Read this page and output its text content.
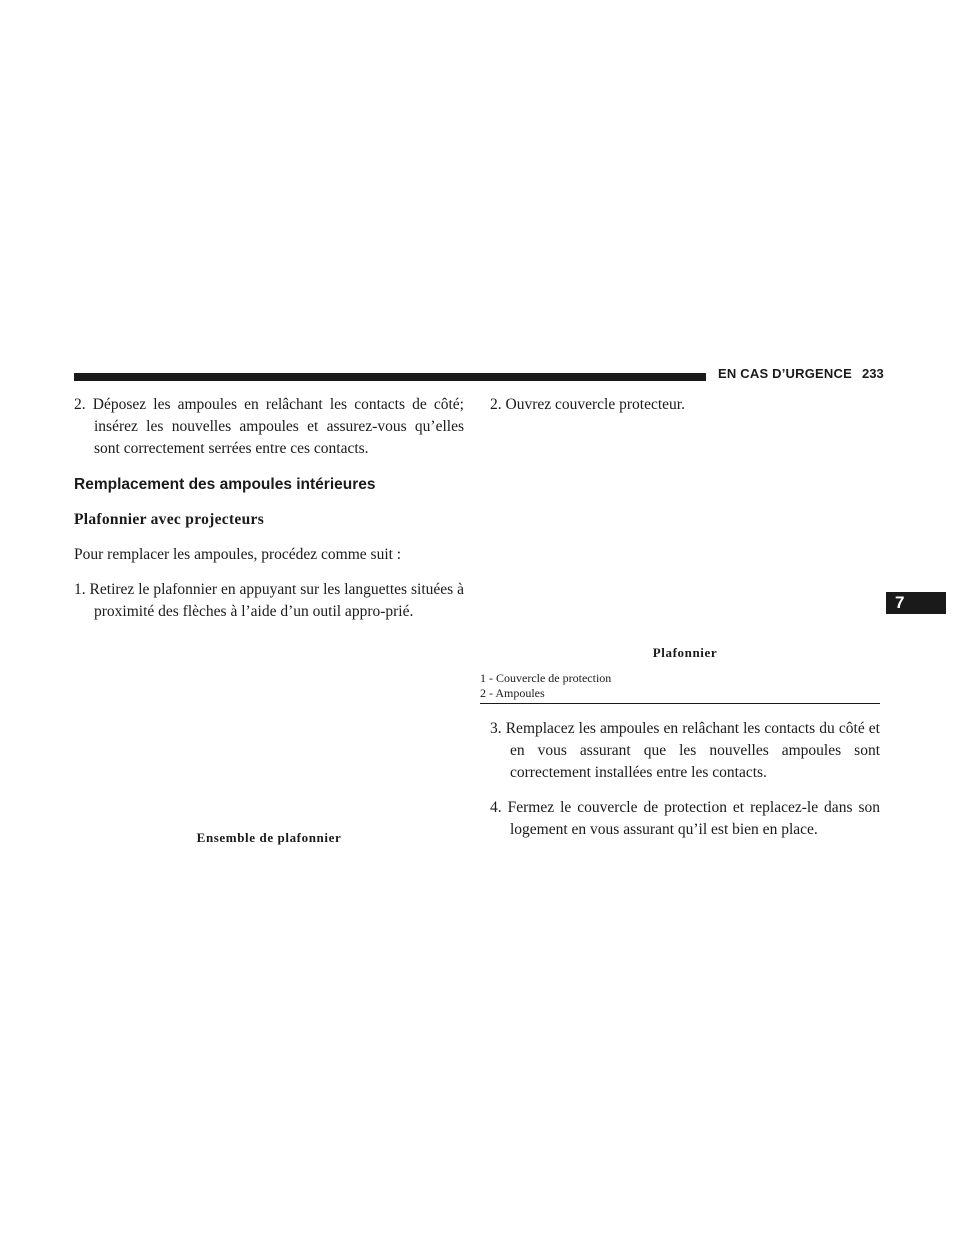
EN CAS D’URGENCE 233
7

2. Déposez les ampoules en relâchant les contacts de côté; insérez les nouvelles ampoules et assurez-vous qu’elles sont correctement serrées entre ces contacts.

Remplacement des ampoules intérieures

Plafonnier avec projecteurs

Pour remplacer les ampoules, procédez comme suit :

1. Retirez le plafonnier en appuyant sur les languettes situées à proximité des flèches à l’aide d’un outil appro-prié.

Ensemble de plafonnier

2. Ouvrez couvercle protecteur.

Plafonnier
1 - Couvercle de protection
2 - Ampoules

3. Remplacez les ampoules en relâchant les contacts du côté et en vous assurant que les nouvelles ampoules sont correctement installées entre les contacts.

4. Fermez le couvercle de protection et replacez-le dans son logement en vous assurant qu’il est bien en place.
